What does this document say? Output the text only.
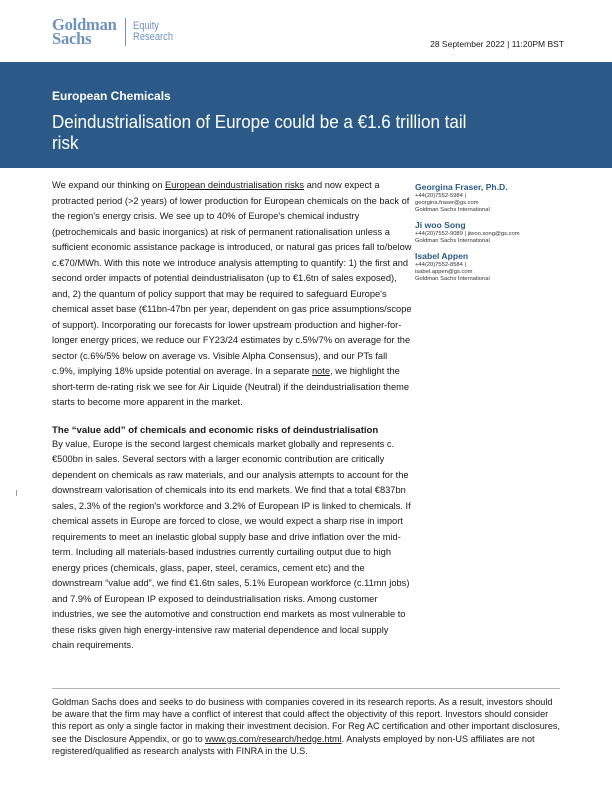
Goldman
Sachs
Equity
Research
28 September 2022 | 11:20PM BST
European Chemicals
Deindustrialisation of Europe could be a €1.6 trillion tail risk

We expand our thinking on European deindustrialisation risks and now expect a protracted period (>2 years) of lower production for European chemicals on the back of the region's energy crisis. We see up to 40% of Europe's chemical industry (petrochemicals and basic inorganics) at risk of permanent rationalisation unless a sufficient economic assistance package is introduced, or natural gas prices fall to/below c.€70/MWh. With this note we introduce analysis attempting to quantify: 1) the first and second order impacts of potential deindustrialisaton (up to €1.6tn of sales exposed), and, 2) the quantum of policy support that may be required to safeguard Europe's chemical asset base (€11bn-47bn per year, dependent on gas price assumptions/scope of support). Incorporating our forecasts for lower upstream production and higher-for-longer energy prices, we reduce our FY23/24 estimates by c.5%/7% on average for the sector (c.6%/5% below on average vs. Visible Alpha Consensus), and our PTs fall c.9%, implying 18% upside potential on average. In a separate note, we highlight the short-term de-rating risk we see for Air Liquide (Neutral) if the deindustrialisation theme starts to become more apparent in the market.

The “value add” of chemicals and economic risks of deindustrialisation

By value, Europe is the second largest chemicals market globally and represents c.€500bn in sales. Several sectors with a larger economic contribution are critically dependent on chemicals as raw materials, and our analysis attempts to account for the downstream valorisation of chemicals into its end markets. We find that a total €837bn sales, 2.3% of the region's workforce and 3.2% of European IP is linked to chemicals. If chemical assets in Europe are forced to close, we would expect a sharp rise in import requirements to meet an inelastic global supply base and drive inflation over the mid-term. Including all materials-based industries currently curtailing output due to high energy prices (chemicals, glass, paper, steel, ceramics, cement etc) and the downstream “value add”, we find €1.6tn sales, 5.1% European workforce (c.11mn jobs) and 7.9% of European IP exposed to deindustrialisation risks. Among customer industries, we see the automotive and construction end markets as most vulnerable to these risks given high energy-intensive raw material dependence and local supply chain requirements.

Georgina Fraser, Ph.D.
+44(20)7552-5984 |
georgina.fraser@gs.com
Goldman Sachs International
Ji woo Song
+44(20)7552-9089 | jiwoo.song@gs.com
Goldman Sachs International
Isabel Appen
+44(20)7552-8584 |
isabel.appen@gs.com
Goldman Sachs International

Goldman Sachs does and seeks to do business with companies covered in its research reports. As a result, investors should be aware that the firm may have a conflict of interest that could affect the objectivity of this report. Investors should consider this report as only a single factor in making their investment decision. For Reg AC certification and other important disclosures, see the Disclosure Appendix, or go to www.gs.com/research/hedge.html. Analysts employed by non-US affiliates are not registered/qualified as research analysts with FINRA in the U.S.
